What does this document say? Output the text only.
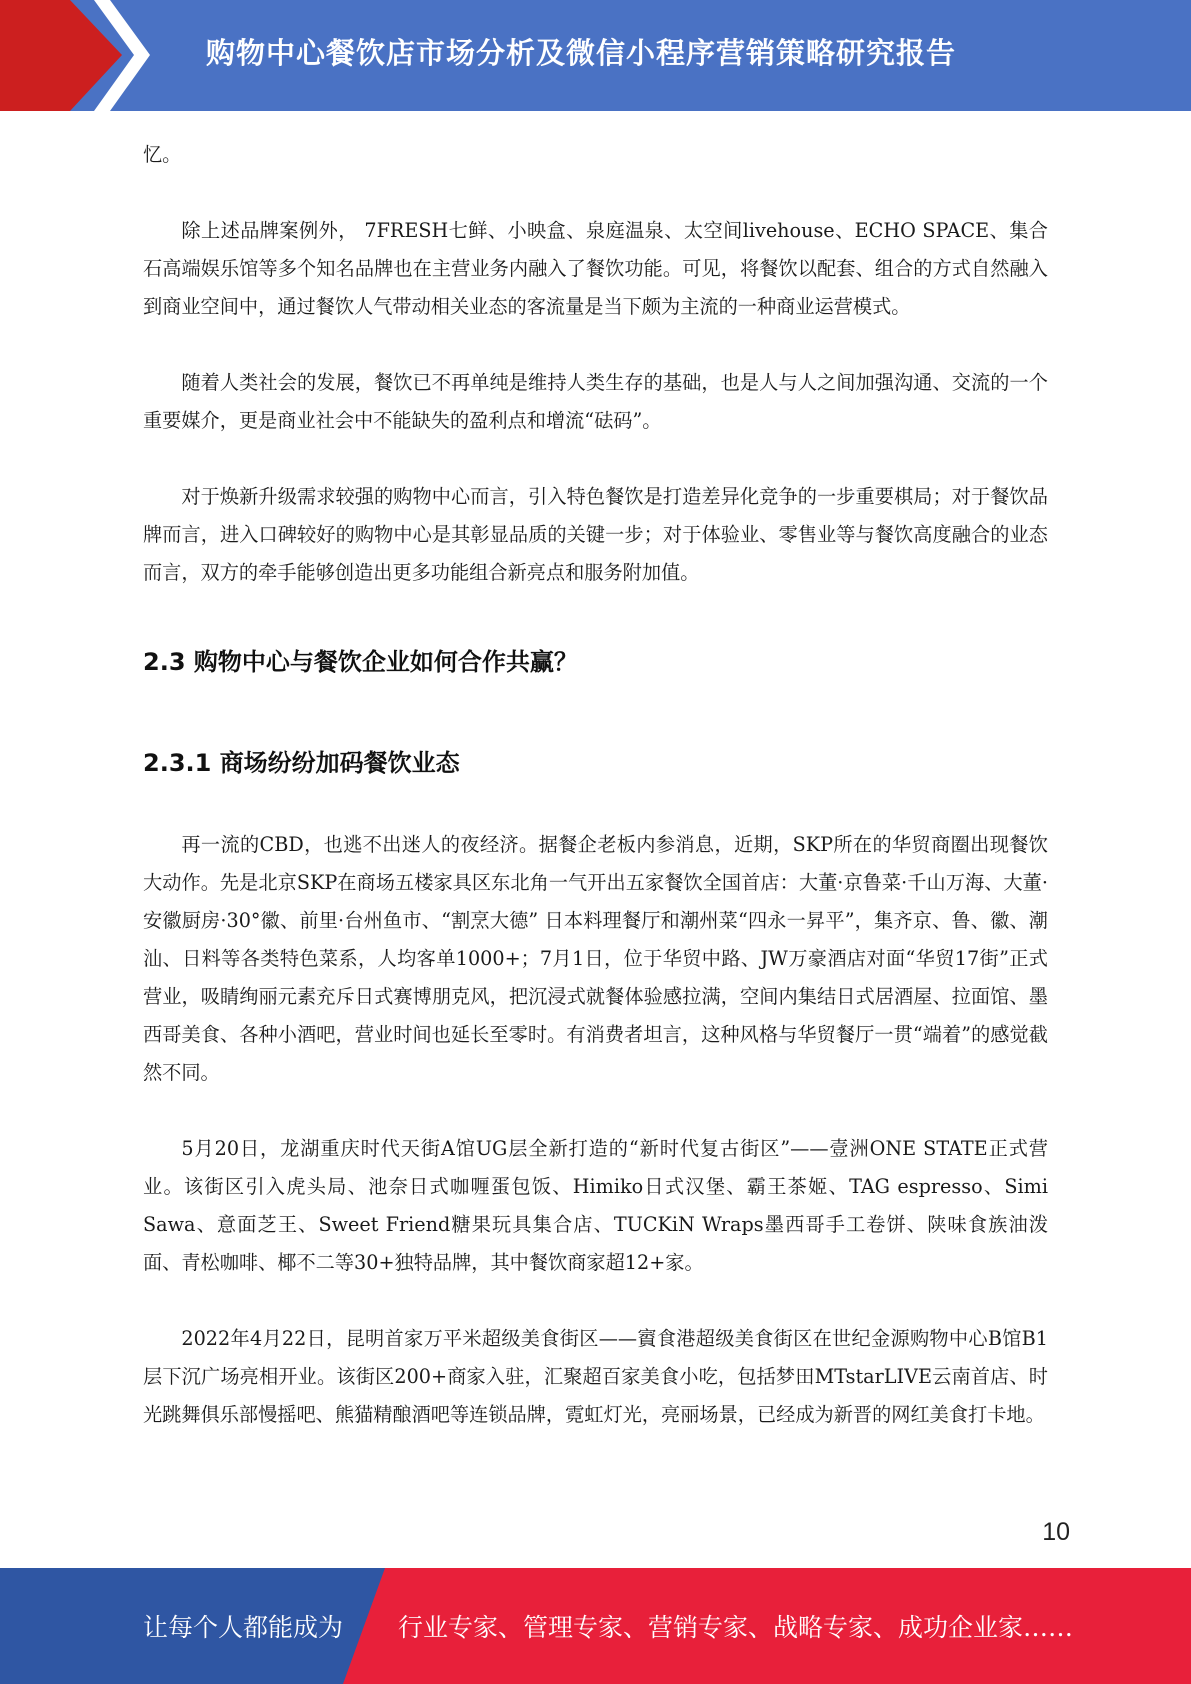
购物中心餐饮店市场分析及微信小程序营销策略研究报告

忆。

除上述品牌案例外， 7FRESH七鲜、小映盒、泉庭温泉、太空间livehouse、ECHO SPACE、集合石高端娱乐馆等多个知名品牌也在主营业务内融入了餐饮功能。可见，将餐饮以配套、组合的方式自然融入到商业空间中，通过餐饮人气带动相关业态的客流量是当下颇为主流的一种商业运营模式。

随着人类社会的发展，餐饮已不再单纯是维持人类生存的基础，也是人与人之间加强沟通、交流的一个重要媒介，更是商业社会中不能缺失的盈利点和增流“砝码”。

对于焕新升级需求较强的购物中心而言，引入特色餐饮是打造差异化竞争的一步重要棋局；对于餐饮品牌而言，进入口碑较好的购物中心是其彰显品质的关键一步；对于体验业、零售业等与餐饮高度融合的业态而言，双方的牵手能够创造出更多功能组合新亮点和服务附加值。

2.3 购物中心与餐饮企业如何合作共赢？
2.3.1 商场纷纷加码餐饮业态

再一流的CBD，也逃不出迷人的夜经济。据餐企老板内参消息，近期，SKP所在的华贸商圈出现餐饮大动作。先是北京SKP在商场五楼家具区东北角一气开出五家餐饮全国首店：大董·京鲁菜·千山万海、大董·安徽厨房·30°徽、前里·台州鱼市、“割烹大德” 日本料理餐厅和潮州菜“四永一昇平”，集齐京、鲁、徽、潮汕、日料等各类特色菜系，人均客单1000+；7月1日，位于华贸中路、JW万豪酒店对面“华贸17街”正式营业，吸睛绚丽元素充斥日式赛博朋克风，把沉浸式就餐体验感拉满，空间内集结日式居酒屋、拉面馆、墨西哥美食、各种小酒吧，营业时间也延长至零时。有消费者坦言，这种风格与华贸餐厅一贯“端着”的感觉截然不同。

5月20日，龙湖重庆时代天街A馆UG层全新打造的“新时代复古街区”——壹洲ONE STATE正式营业。该街区引入虎头局、池奈日式咖喱蛋包饭、Himiko日式汉堡、霸王茶姬、TAG espresso、Simi Sawa、意面芝王、Sweet Friend糖果玩具集合店、TUCKiN Wraps墨西哥手工卷饼、陕味食族油泼面、青松咖啡、椰不二等30+独特品牌，其中餐饮商家超12+家。

2022年4月22日，昆明首家万平米超级美食街区——賨食港超级美食街区在世纪金源购物中心B馆B1层下沉广场亮相开业。该街区200+商家入驻，汇聚超百家美食小吃，包括梦田MTstarLIVE云南首店、时光跳舞俱乐部慢摇吧、熊猫精酿酒吧等连锁品牌，霓虹灯光，亮丽场景，已经成为新晋的网红美食打卡地。

10
让每个人都能成为 行业专家、管理专家、营销专家、战略专家、成功企业家……
